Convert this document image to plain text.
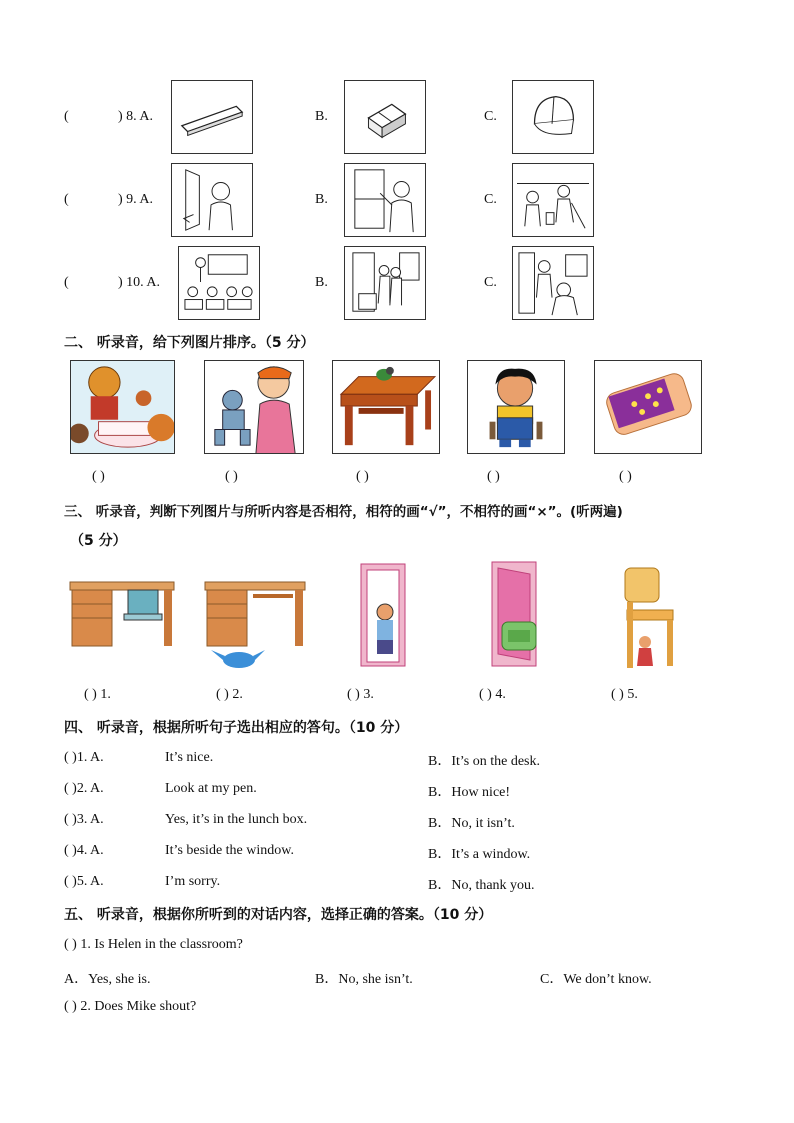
(	) 8. A.	B.	C.
(	) 9. A.	B.	C.
(	) 10. A.	B.	C.
二、 听录音，给下列图片排序。（5 分）
( )	( )	( )	( )	( )
三、 听录音，判断下列图片与所听内容是否相符，相符的画“√”，不相符的画“×”。(听两遍)
（5 分）
( ) 1.	( ) 2.	( ) 3.	( ) 4.	( ) 5.
四、 听录音，根据所听句子选出相应的答句。（10 分）
( )1. A.	It’s nice.	B．It’s on the desk.
( )2. A.	Look at my pen.	B．How nice!
( )3. A.	Yes, it’s in the lunch box.	B．No, it isn’t.
( )4. A.	It’s beside the window.	B．It’s a window.
( )5. A.	I’m sorry.	B．No, thank you.
五、 听录音，根据你所听到的对话内容，选择正确的答案。（10 分）
( ) 1. Is Helen in the classroom?
A．Yes, she is.	B．No, she isn’t.	C．We don’t know.
( ) 2. Does Mike shout?
